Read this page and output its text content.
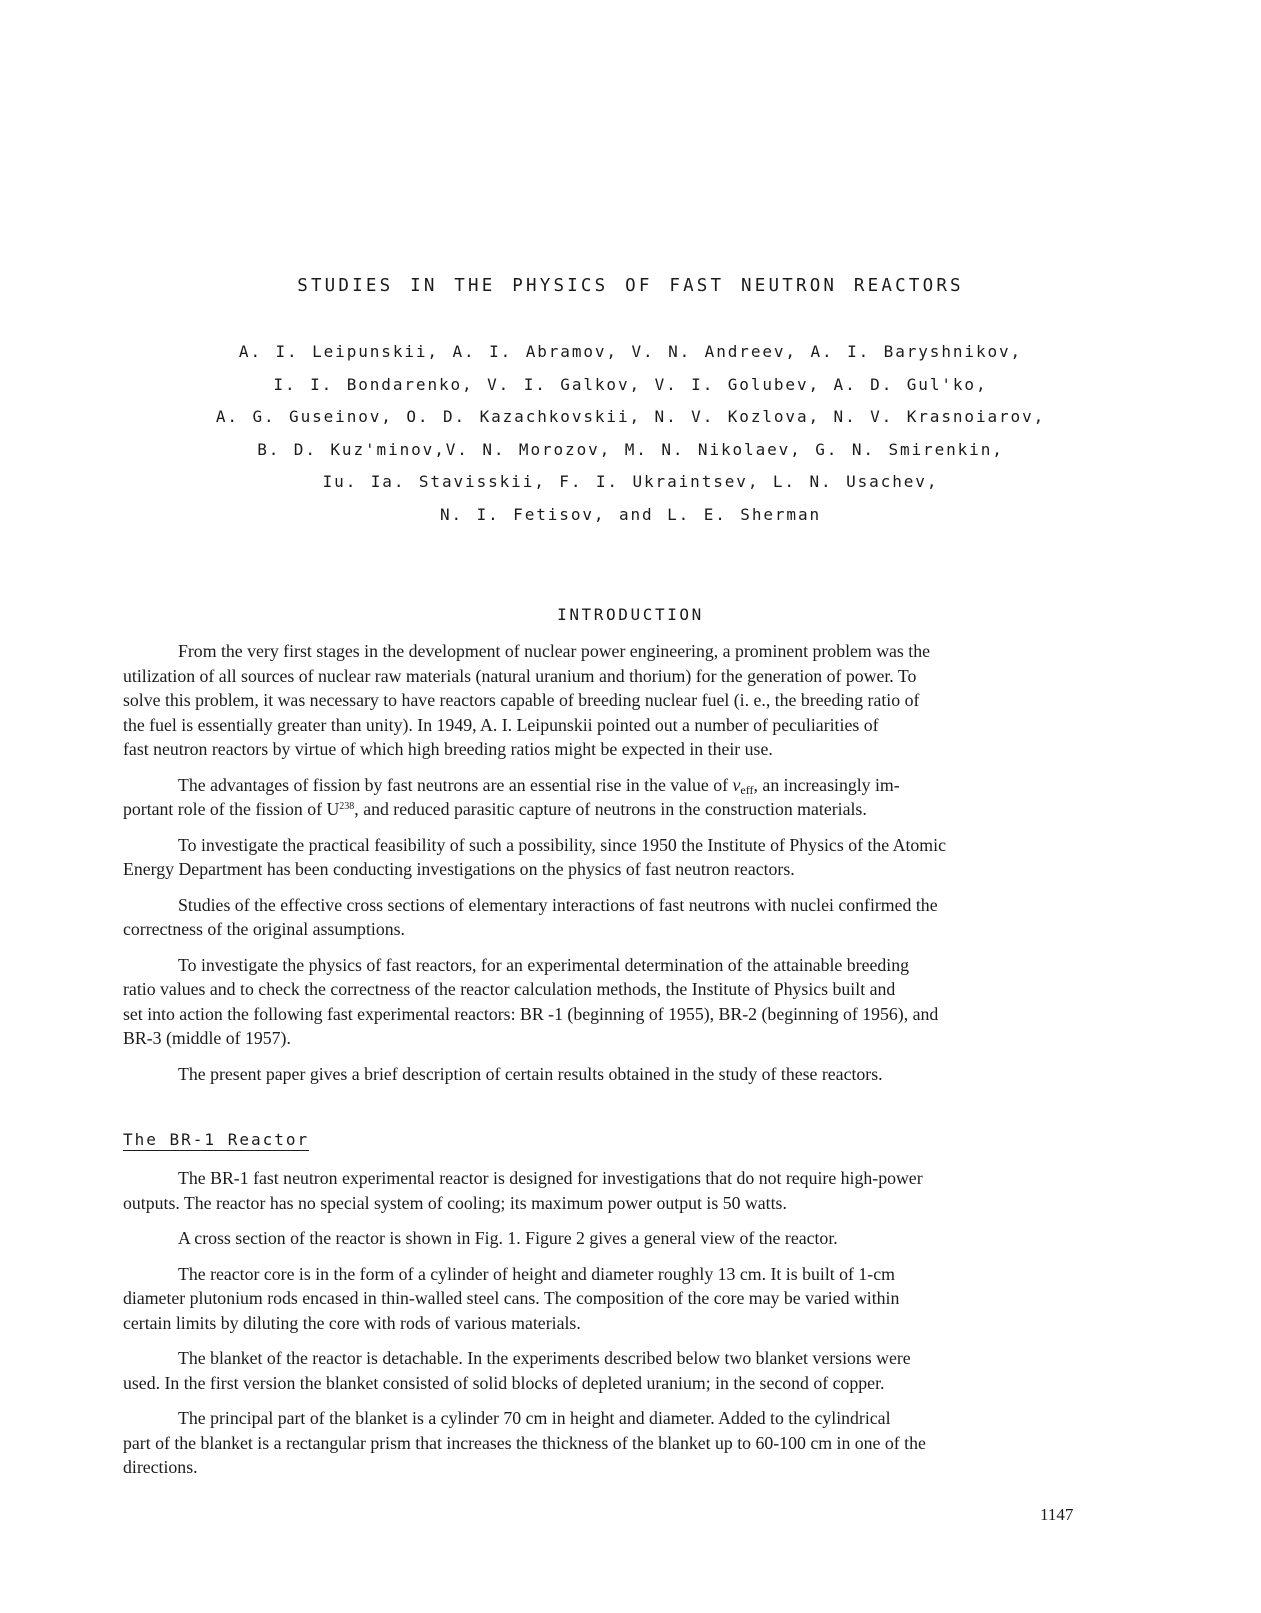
STUDIES IN THE PHYSICS OF FAST NEUTRON REACTORS
A. I. Leipunskii, A. I. Abramov, V. N. Andreev, A. I. Baryshnikov,
I. I. Bondarenko, V. I. Galkov, V. I. Golubev, A. D. Gul'ko,
A. G. Guseinov, O. D. Kazachkovskii, N. V. Kozlova, N. V. Krasnoiarov,
B. D. Kuz'minov,V. N. Morozov, M. N. Nikolaev, G. N. Smirenkin,
Iu. Ia. Stavisskii, F. I. Ukraintsev, L. N. Usachev,
N. I. Fetisov, and L. E. Sherman
INTRODUCTION

From the very first stages in the development of nuclear power engineering, a prominent problem was the

utilization of all sources of nuclear raw materials (natural uranium and thorium) for the generation of power. To

solve this problem, it was necessary to have reactors capable of breeding nuclear fuel (i. e., the breeding ratio of

the fuel is essentially greater than unity). In 1949, A. I. Leipunskii pointed out a number of peculiarities of

fast neutron reactors by virtue of which high breeding ratios might be expected in their use.

The advantages of fission by fast neutrons are an essential rise in the value of $\nu_{eff}$, an increasingly im-

portant role of the fission of $U^{238}$, and reduced parasitic capture of neutrons in the construction materials.

To investigate the practical feasibility of such a possibility, since 1950 the Institute of Physics of the Atomic

Energy Department has been conducting investigations on the physics of fast neutron reactors.

Studies of the effective cross sections of elementary interactions of fast neutrons with nuclei confirmed the

correctness of the original assumptions.

To investigate the physics of fast reactors, for an experimental determination of the attainable breeding

ratio values and to check the correctness of the reactor calculation methods, the Institute of Physics built and

set into action the following fast experimental reactors: BR -1 (beginning of 1955), BR-2 (beginning of 1956), and

BR-3 (middle of 1957).

The present paper gives a brief description of certain results obtained in the study of these reactors.

The BR-1 Reactor

The BR-1 fast neutron experimental reactor is designed for investigations that do not require high-power

outputs. The reactor has no special system of cooling; its maximum power output is 50 watts.

A cross section of the reactor is shown in Fig. 1. Figure 2 gives a general view of the reactor.

The reactor core is in the form of a cylinder of height and diameter roughly 13 cm. It is built of 1-cm

diameter plutonium rods encased in thin-walled steel cans. The composition of the core may be varied within

certain limits by diluting the core with rods of various materials.

The blanket of the reactor is detachable. In the experiments described below two blanket versions were

used. In the first version the blanket consisted of solid blocks of depleted uranium; in the second of copper.

The principal part of the blanket is a cylinder 70 cm in height and diameter. Added to the cylindrical

part of the blanket is a rectangular prism that increases the thickness of the blanket up to 60-100 cm in one of the

directions.

1147
